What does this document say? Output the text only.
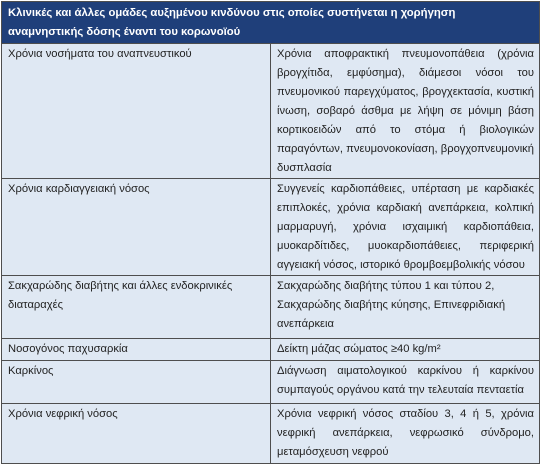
Κλινικές και άλλες ομάδες αυξημένου κινδύνου στις οποίες συστήνεται η χορήγηση αναμνηστικής δόσης έναντι του κορωνοϊού	
Χρόνια νοσήματα του αναπνευστικού	Χρόνια αποφρακτική πνευμονοπάθεια (χρόνια βρογχίτιδα, εμφύσημα), διάμεσοι νόσοι του πνευμονικού παρεγχύματος, βρογχεκτασία, κυστική ίνωση, σοβαρό άσθμα με λήψη σε μόνιμη βάση κορτικοειδών από το στόμα ή βιολογικών παραγόντων, πνευμονοκονίαση, βρογχοπνευμονική δυσπλασία
Χρόνια καρδιαγγειακή νόσος	Συγγενείς καρδιοπάθειες, υπέρταση με καρδιακές επιπλοκές, χρόνια καρδιακή ανεπάρκεια, κολπική μαρμαρυγή, χρόνια ισχαιμική καρδιοπάθεια, μυοκαρδίτιδες, μυοκαρδιοπάθειες, περιφερική αγγειακή νόσος, ιστορικό θρομβοεμβολικής νόσου
Σακχαρώδης διαβήτης και άλλες ενδοκρινικές διαταραχές	Σακχαρώδης διαβήτης τύπου 1 και τύπου 2, Σακχαρώδης διαβήτης κύησης, Επινεφριδιακή ανεπάρκεια
Νοσογόνος παχυσαρκία	Δείκτη μάζας σώματος ≥40 kg/m²
Καρκίνος	Διάγνωση αιματολογικού καρκίνου ή καρκίνου συμπαγούς οργάνου κατά την τελευταία πενταετία
Χρόνια νεφρική νόσος	Χρόνια νεφρική νόσος σταδίου 3, 4 ή 5, χρόνια νεφρική ανεπάρκεια, νεφρωσικό σύνδρομο, μεταμόσχευση νεφρού
